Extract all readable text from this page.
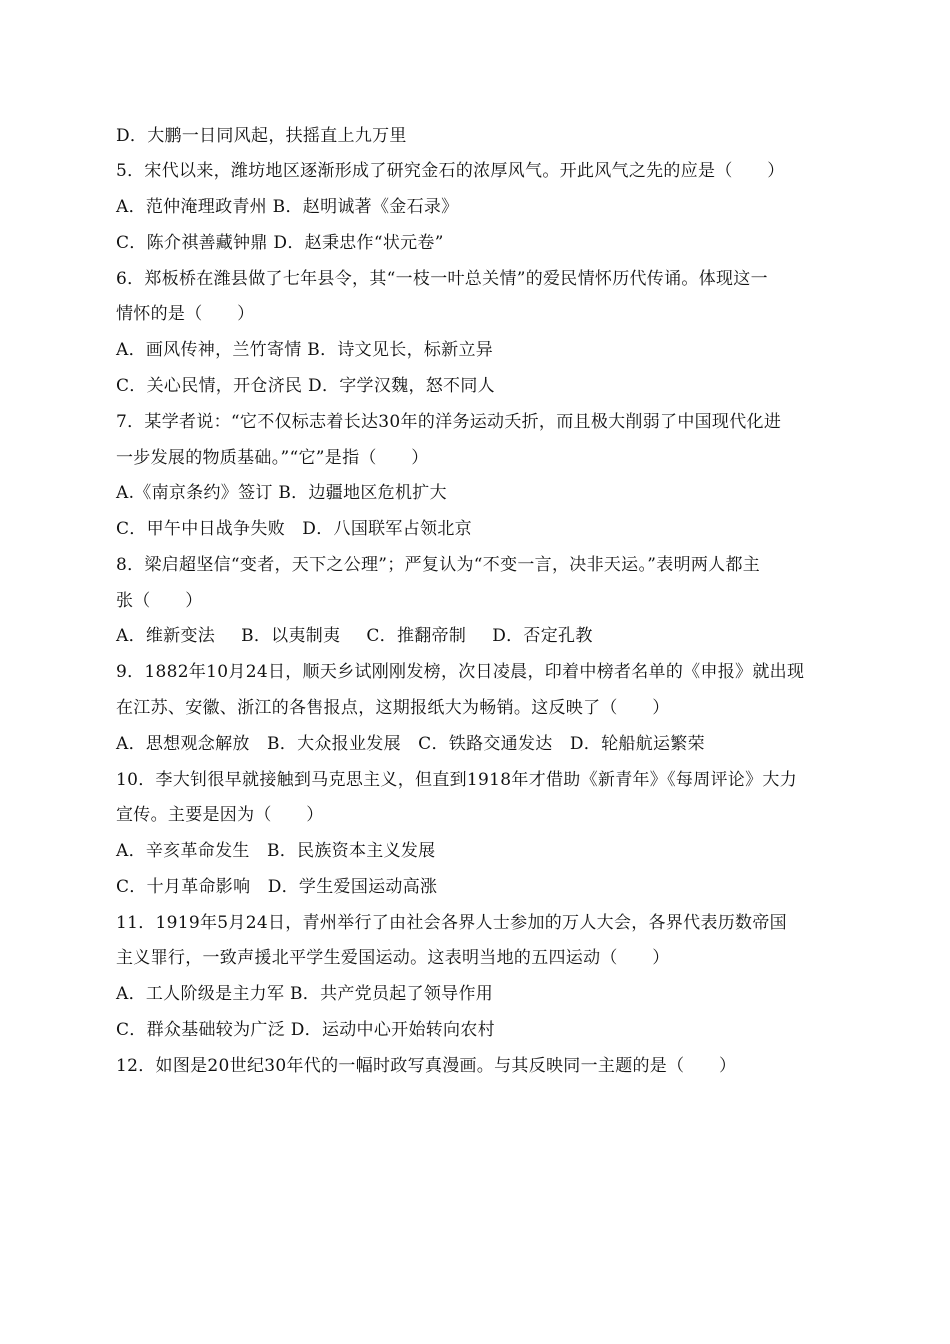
D．大鹏一日同风起，扶摇直上九万里
5．宋代以来，潍坊地区逐渐形成了研究金石的浓厚风气。开此风气之先的应是（　　）
A．范仲淹理政青州 B．赵明诚著《金石录》
C．陈介祺善藏钟鼎 D．赵秉忠作“状元卷”
6．郑板桥在潍县做了七年县令，其“一枝一叶总关情”的爱民情怀历代传诵。体现这一
情怀的是（　　）
A．画风传神，兰竹寄情 B．诗文见长，标新立异
C．关心民情，开仓济民 D．字学汉魏，怒不同人
7．某学者说：“它不仅标志着长达30年的洋务运动夭折，而且极大削弱了中国现代化进
一步发展的物质基础。”“它”是指（　　）
A.《南京条约》签订 B．边疆地区危机扩大
C．甲午中日战争失败　D．八国联军占领北京
8．梁启超坚信“变者，天下之公理”；严复认为“不变一言，决非天运。”表明两人都主
张（　　）
A．维新变法 B．以夷制夷 C．推翻帝制 D．否定孔教
9．1882年10月24日，顺天乡试刚刚发榜，次日凌晨，印着中榜者名单的《申报》就出现
在江苏、安徽、浙江的各售报点，这期报纸大为畅销。这反映了（　　）
A．思想观念解放　B．大众报业发展　C．铁路交通发达　D．轮船航运繁荣
10．李大钊很早就接触到马克思主义，但直到1918年才借助《新青年》《每周评论》大力
宣传。主要是因为（　　）
A．辛亥革命发生　B．民族资本主义发展
C．十月革命影响　D．学生爱国运动高涨
11．1919年5月24日，青州举行了由社会各界人士参加的万人大会，各界代表历数帝国
主义罪行，一致声援北平学生爱国运动。这表明当地的五四运动（　　）
A．工人阶级是主力军 B．共产党员起了领导作用
C．群众基础较为广泛 D．运动中心开始转向农村
12．如图是20世纪30年代的一幅时政写真漫画。与其反映同一主题的是（　　）
